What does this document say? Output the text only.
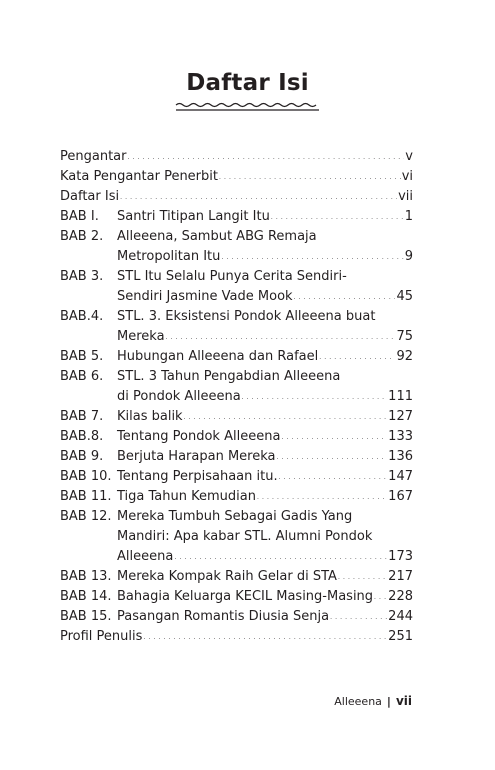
Daftar Isi
Pengantar . . .	v
Kata Pengantar Penerbit . . .	vi
Daftar Isi . . .	vii
BAB I.	Santri Titipan Langit Itu . . .	1
BAB 2.	Alleeena, Sambut ABG Remaja
Metropolitan Itu . . .	9
BAB 3.	STL Itu Selalu Punya Cerita Sendiri-
Sendiri Jasmine Vade Mook . . .	45
BAB.4.	STL. 3. Eksistensi Pondok Alleeena buat
Mereka . . .	75
BAB 5.	Hubungan Alleeena dan Rafael . . .	92
BAB 6.	STL. 3 Tahun Pengabdian Alleeena
di Pondok Alleeena . . .	111
BAB 7.	Kilas balik . . .	127
BAB.8.	Tentang Pondok Alleeena . . .	133
BAB 9.	Berjuta Harapan Mereka . . .	136
BAB 10. Tentang Perpisahaan itu. . . .	147
BAB 11. Tiga Tahun Kemudian . . .	167
BAB 12. Mereka Tumbuh Sebagai Gadis Yang
Mandiri: Apa kabar STL. Alumni Pondok
Alleeena . . .	173
BAB 13. Mereka Kompak Raih Gelar di STA . . .	217
BAB 14. Bahagia Keluarga KECIL Masing-Masing . . . 228
BAB 15. Pasangan Romantis Diusia Senja . . .	244
Profil Penulis . . .	251
Alleeena | vii
